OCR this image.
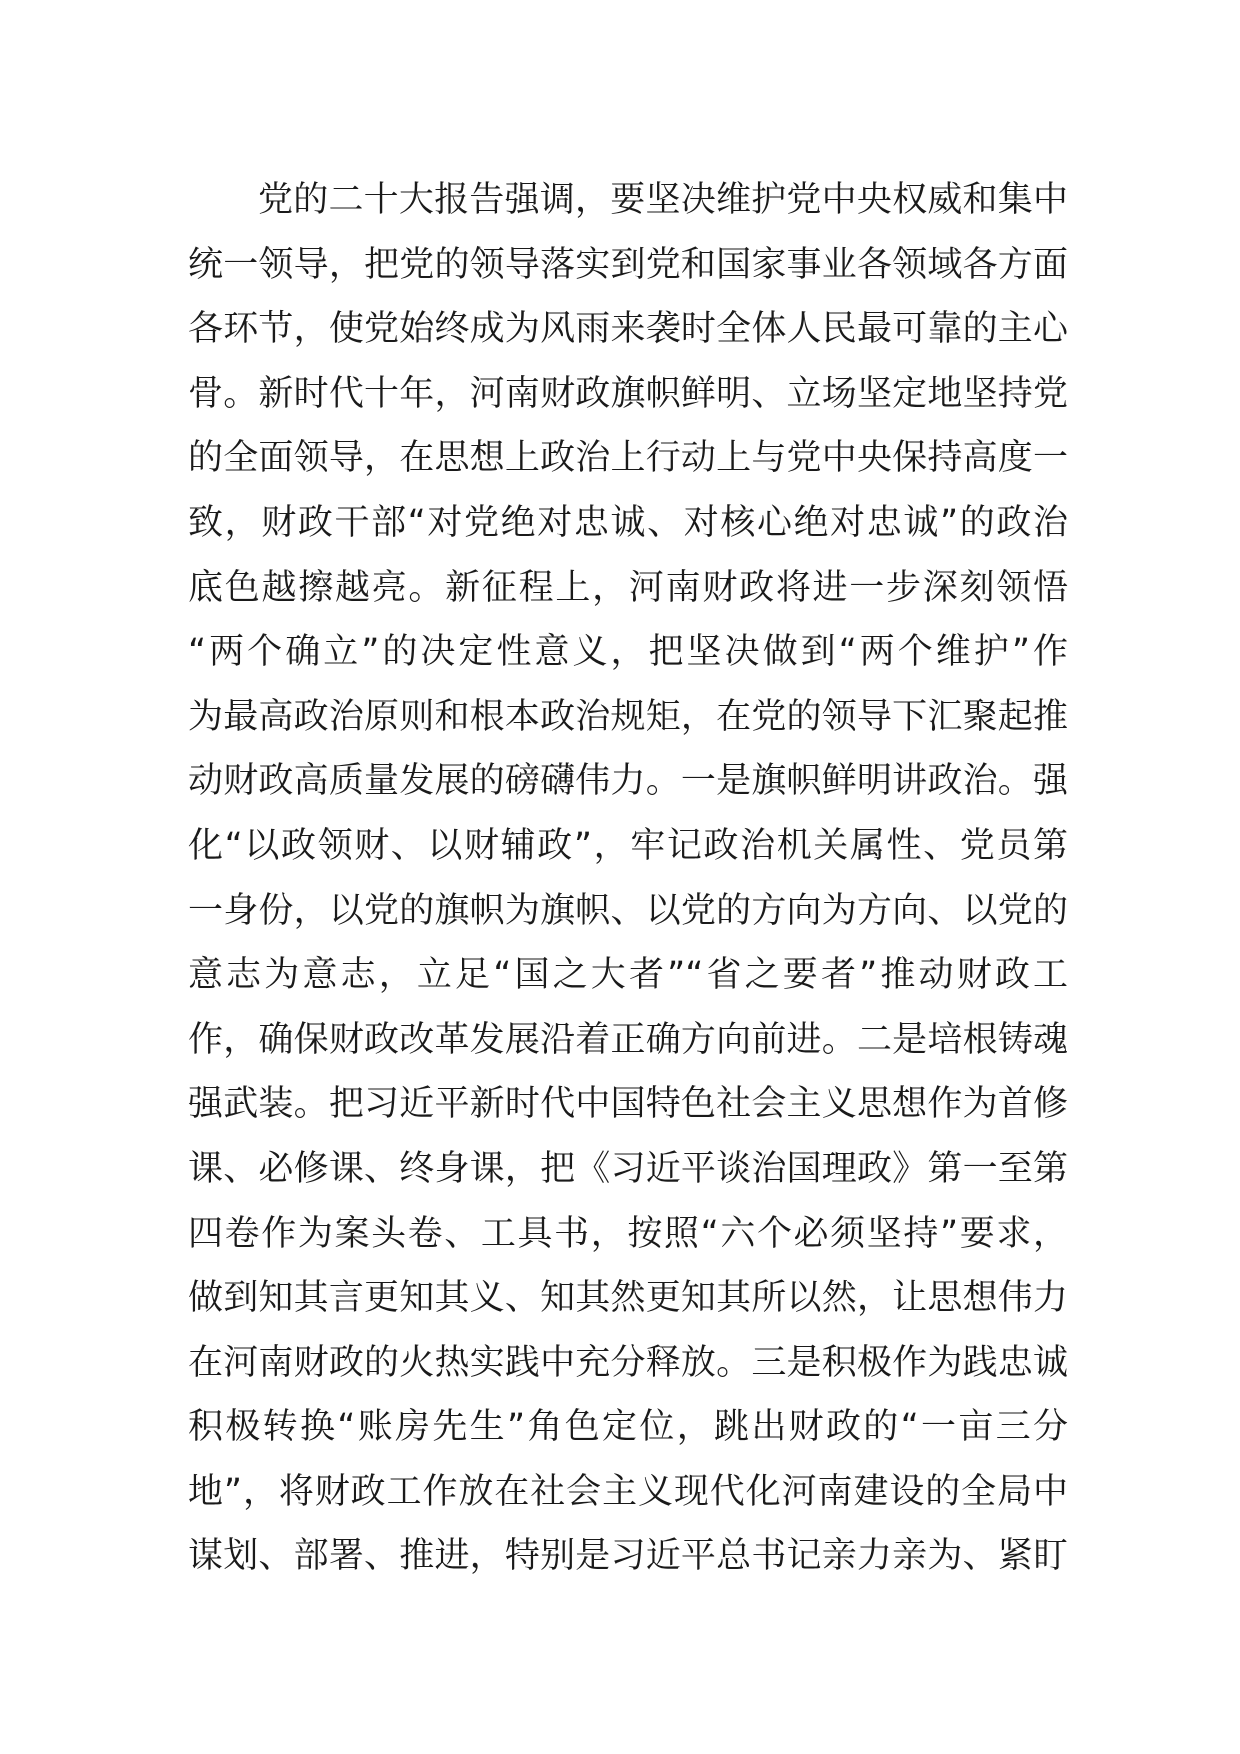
党的二十大报告强调，要坚决维护党中央权威和集中
统一领导，把党的领导落实到党和国家事业各领域各方面
各环节，使党始终成为风雨来袭时全体人民最可靠的主心
骨。新时代十年，河南财政旗帜鲜明、立场坚定地坚持党
的全面领导，在思想上政治上行动上与党中央保持高度一
致，财政干部“对党绝对忠诚、对核心绝对忠诚”的政治
底色越擦越亮。新征程上，河南财政将进一步深刻领悟
“两个确立”的决定性意义，把坚决做到“两个维护”作
为最高政治原则和根本政治规矩，在党的领导下汇聚起推
动财政高质量发展的磅礴伟力。一是旗帜鲜明讲政治。强
化“以政领财、以财辅政”，牢记政治机关属性、党员第
一身份，以党的旗帜为旗帜、以党的方向为方向、以党的
意志为意志，立足“国之大者”“省之要者”推动财政工
作，确保财政改革发展沿着正确方向前进。二是培根铸魂
强武装。把习近平新时代中国特色社会主义思想作为首修
课、必修课、终身课，把《习近平谈治国理政》第一至第
四卷作为案头卷、工具书，按照“六个必须坚持”要求，
做到知其言更知其义、知其然更知其所以然，让思想伟力
在河南财政的火热实践中充分释放。三是积极作为践忠诚
积极转换“账房先生”角色定位，跳出财政的“一亩三分
地”，将财政工作放在社会主义现代化河南建设的全局中
谋划、部署、推进，特别是习近平总书记亲力亲为、紧盯
